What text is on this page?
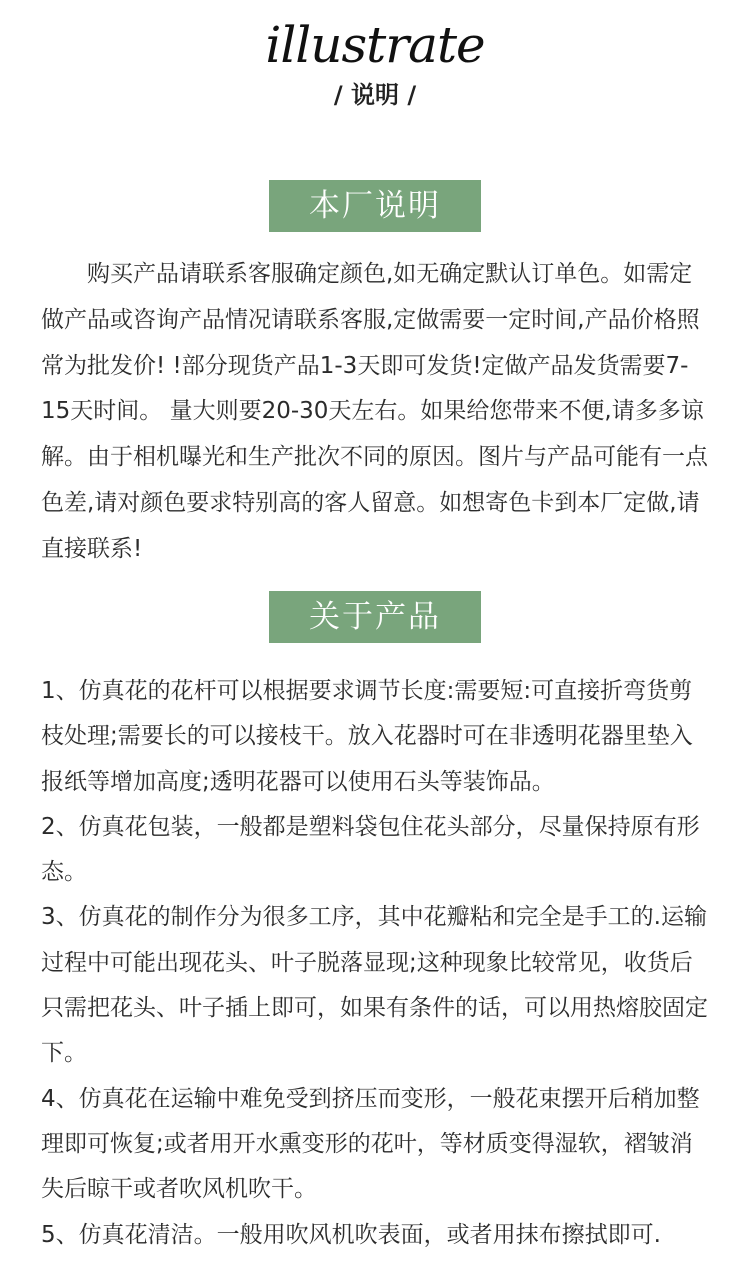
illustrate
/ 说明 /
本厂说明

购买产品请联系客服确定颜色,如无确定默认订单色。如需定做产品或咨询产品情况请联系客服,定做需要一定时间,产品价格照常为批发价! !部分现货产品1-3天即可发货!定做产品发货需要7-15天时间。 量大则要20-30天左右。如果给您带来不便,请多多谅解。由于相机曝光和生产批次不同的原因。图片与产品可能有一点色差,请对颜色要求特别高的客人留意。如想寄色卡到本厂定做,请直接联系!

关于产品
1、仿真花的花杆可以根据要求调节长度:需要短:可直接折弯货剪枝处理;需要长的可以接枝干。放入花器时可在非透明花器里垫入报纸等增加高度;透明花器可以使用石头等装饰品。
2、仿真花包装，一般都是塑料袋包住花头部分，尽量保持原有形态。
3、仿真花的制作分为很多工序，其中花瓣粘和完全是手工的.运输过程中可能出现花头、叶子脱落显现;这种现象比较常见，收货后只需把花头、叶子插上即可，如果有条件的话，可以用热熔胶固定下。
4、仿真花在运输中难免受到挤压而变形，一般花束摆开后稍加整理即可恢复;或者用开水熏变形的花叶，等材质变得湿软，褶皱消失后晾干或者吹风机吹干。
5、仿真花清洁。一般用吹风机吹表面，或者用抹布擦拭即可.
